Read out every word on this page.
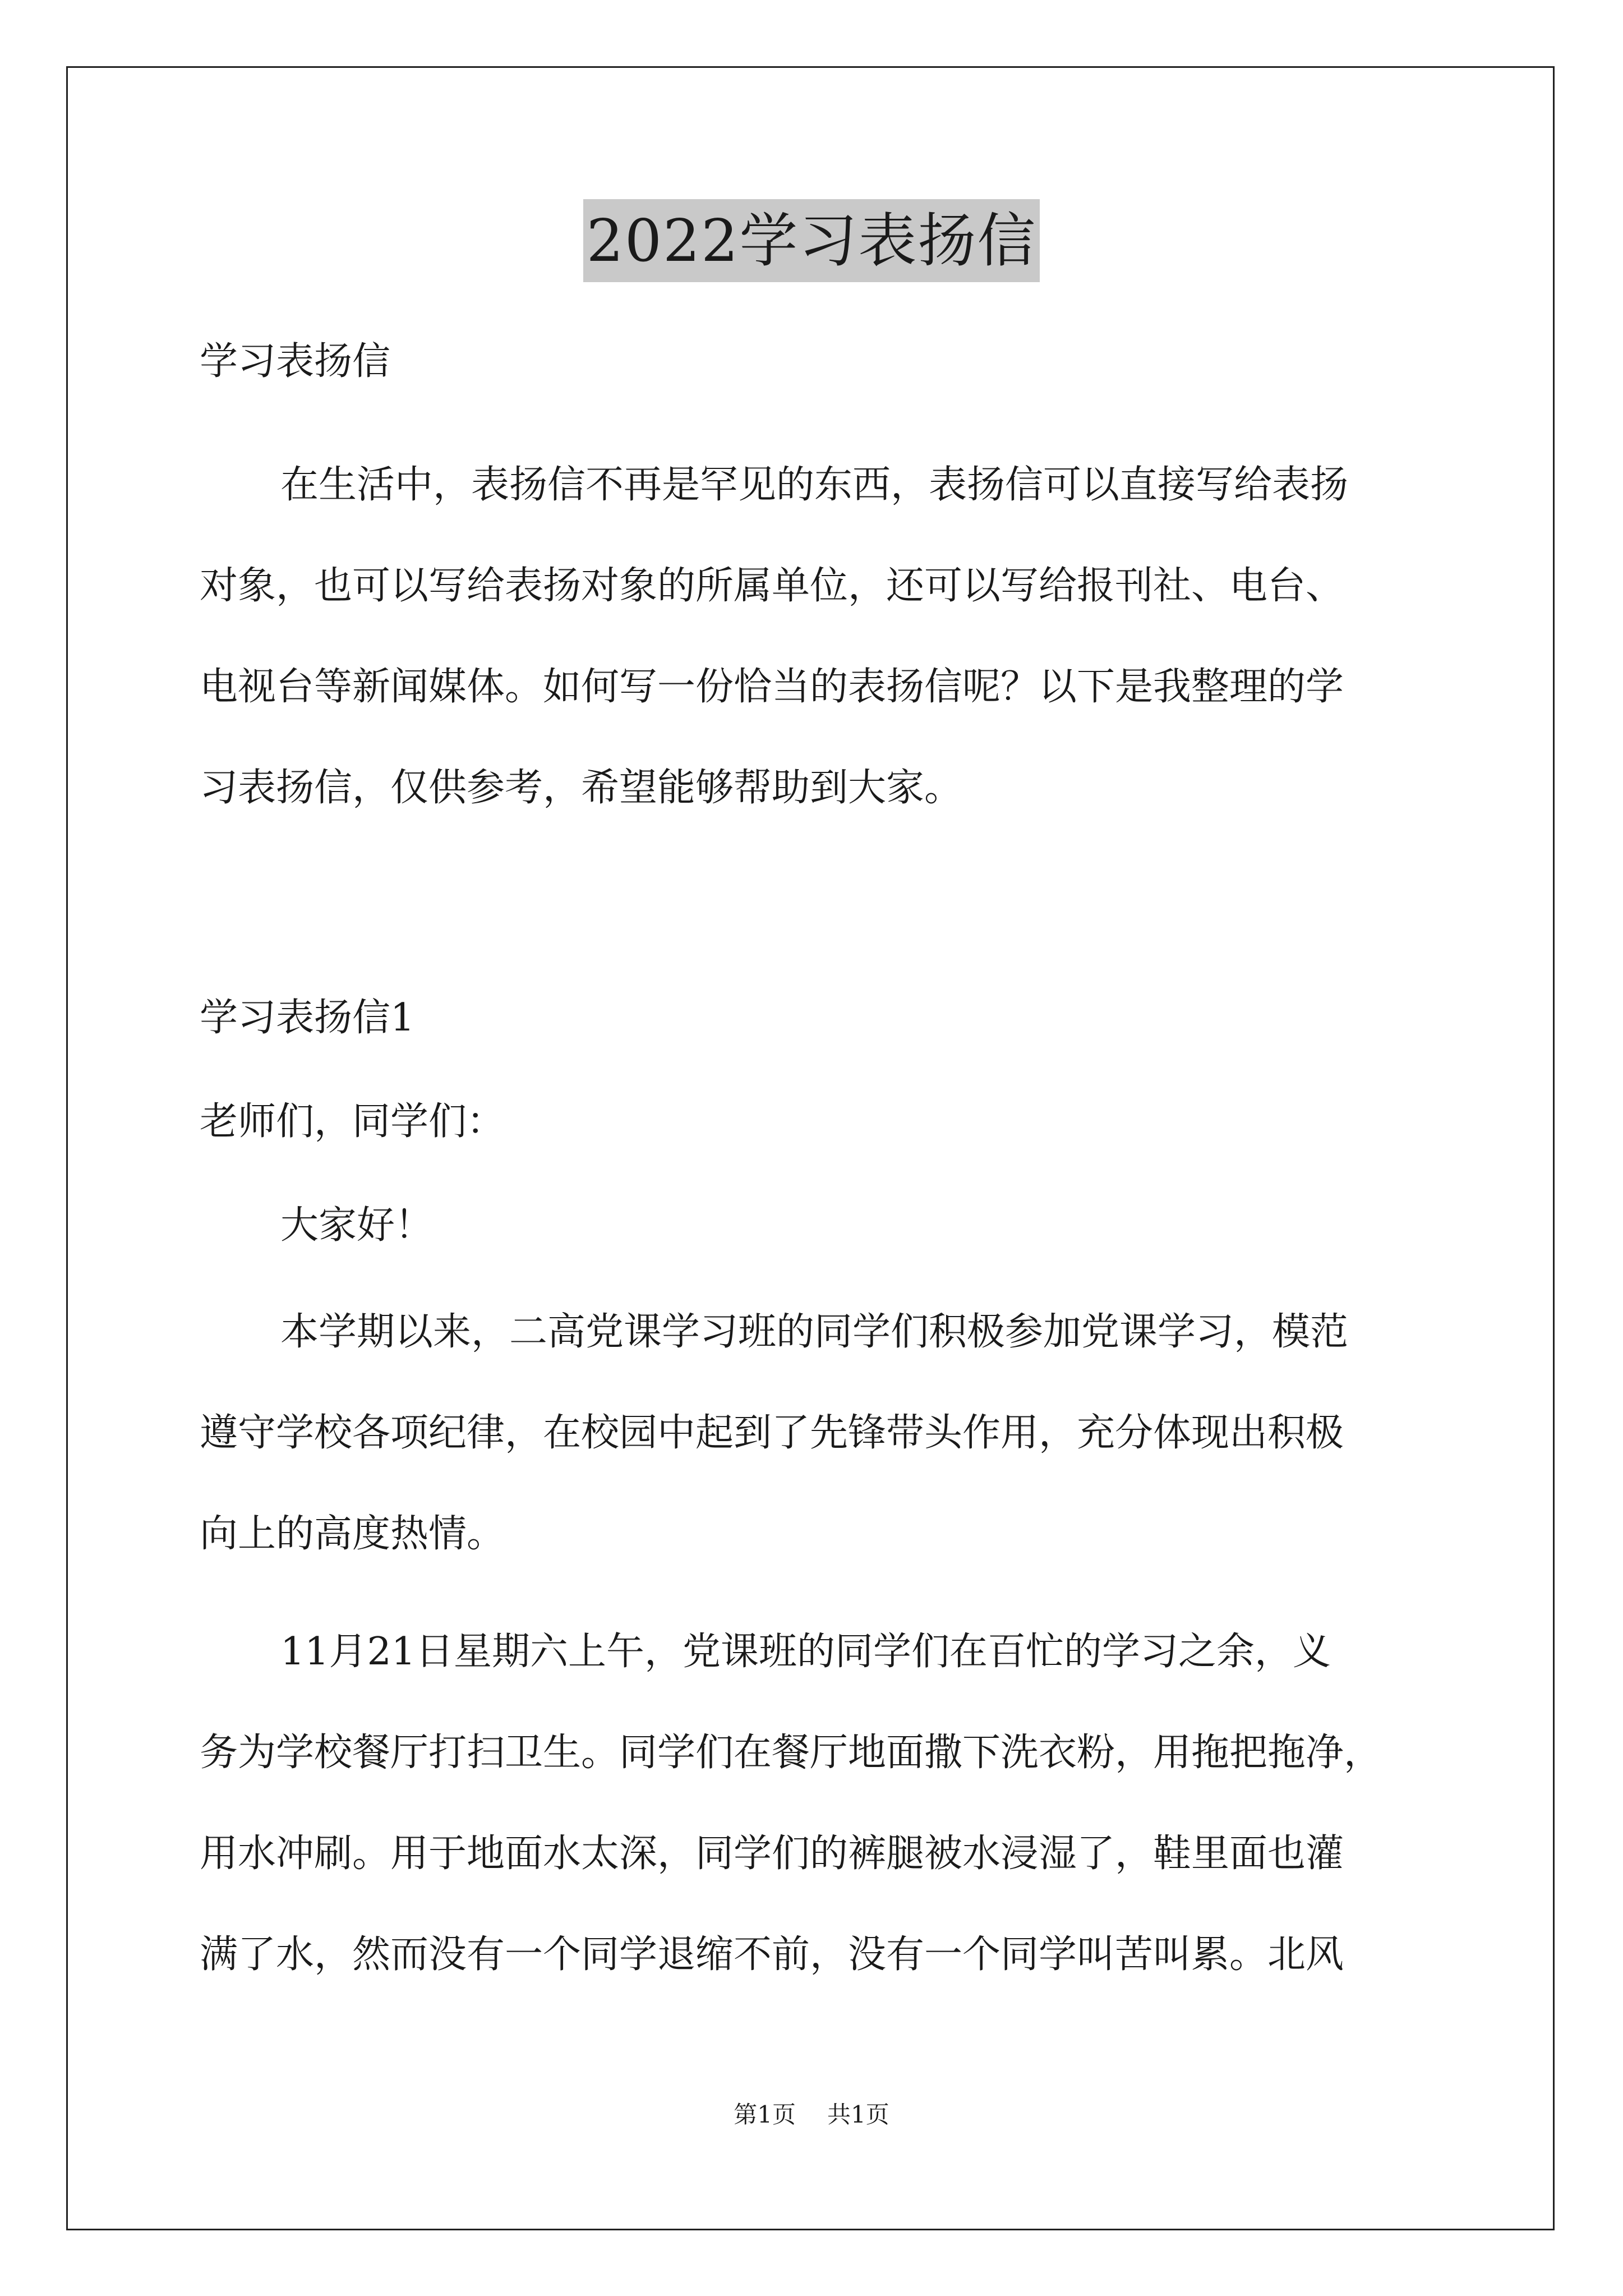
2022学习表扬信
学习表扬信
在生活中，表扬信不再是罕见的东西，表扬信可以直接写给表扬
对象，也可以写给表扬对象的所属单位，还可以写给报刊社、电台、
电视台等新闻媒体。如何写一份恰当的表扬信呢？以下是我整理的学
习表扬信，仅供参考，希望能够帮助到大家。
学习表扬信1
老师们，同学们：
大家好！
本学期以来，二高党课学习班的同学们积极参加党课学习，模范
遵守学校各项纪律，在校园中起到了先锋带头作用，充分体现出积极
向上的高度热情。
11月21日星期六上午，党课班的同学们在百忙的学习之余，义
务为学校餐厅打扫卫生。同学们在餐厅地面撒下洗衣粉，用拖把拖净，
用水冲刷。用于地面水太深，同学们的裤腿被水浸湿了，鞋里面也灌
满了水，然而没有一个同学退缩不前，没有一个同学叫苦叫累。北风
第1页 共1页
